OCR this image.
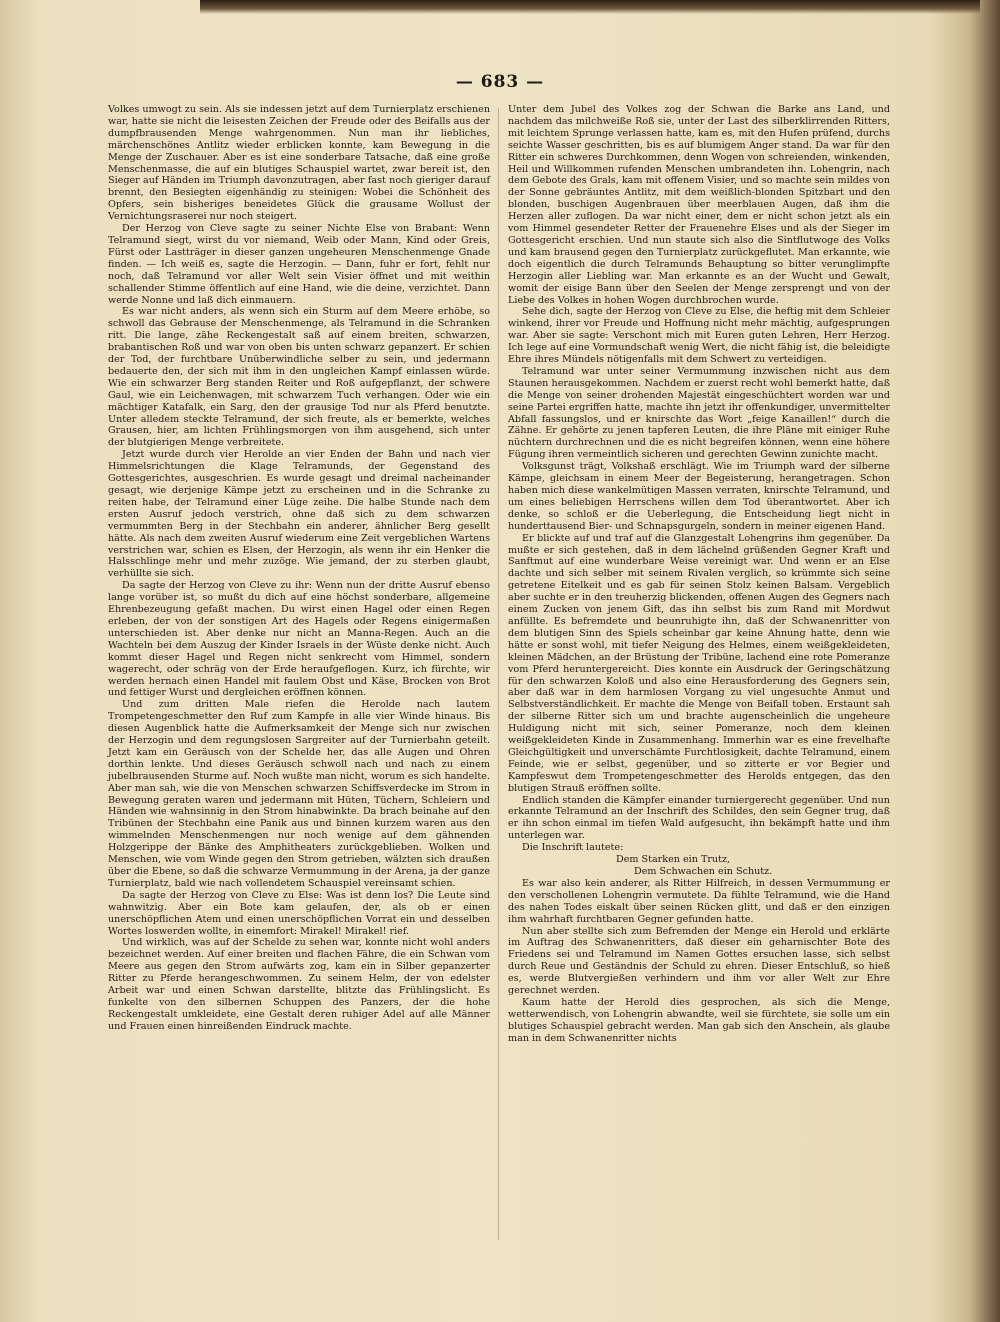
— 683 —

Volkes umwogt zu sein. Als sie indessen jetzt auf dem Turnierplatz erschienen war, hatte sie nicht die leisesten Zeichen der Freude oder des Beifalls aus der dumpfbrausenden Menge wahrgenommen. Nun man ihr liebliches, märchenschönes Antlitz wieder erblicken konnte, kam Bewegung in die Menge der Zuschauer. Aber es ist eine sonderbare Tatsache, daß eine große Menschenmasse, die auf ein blutiges Schauspiel wartet, zwar bereit ist, den Sieger auf Händen im Triumph davonzutragen, aber fast noch gieriger darauf brennt, den Besiegten eigenhändig zu steinigen: Wobei die Schönheit des Opfers, sein bisheriges beneidetes Glück die grausame Wollust der Vernichtungsraserei nur noch steigert.

Der Herzog von Cleve sagte zu seiner Nichte Else von Brabant: Wenn Telramund siegt, wirst du vor niemand, Weib oder Mann, Kind oder Greis, Fürst oder Lastträger in dieser ganzen ungeheuren Menschenmenge Gnade finden. — Ich weiß es, sagte die Herzogin. — Dann, fuhr er fort, fehlt nur noch, daß Telramund vor aller Welt sein Visier öffnet und mit weithin schallender Stimme öffentlich auf eine Hand, wie die deine, verzichtet. Dann werde Nonne und laß dich einmauern.

Es war nicht anders, als wenn sich ein Sturm auf dem Meere erhöbe, so schwoll das Gebrause der Menschenmenge, als Telramund in die Schranken ritt. Die lange, zähe Reckengestalt saß auf einem breiten, schwarzen, brabantischen Roß und war von oben bis unten schwarz gepanzert. Er schien der Tod, der furchtbare Unüberwindliche selber zu sein, und jedermann bedauerte den, der sich mit ihm in den ungleichen Kampf einlassen würde. Wie ein schwarzer Berg standen Reiter und Roß aufgepflanzt, der schwere Gaul, wie ein Leichenwagen, mit schwarzem Tuch verhangen. Oder wie ein mächtiger Katafalk, ein Sarg, den der grausige Tod nur als Pferd benutzte. Unter alledem steckte Telramund, der sich freute, als er bemerkte, welches Grausen, hier, am lichten Frühlingsmorgen von ihm ausgehend, sich unter der blutgierigen Menge verbreitete.

Jetzt wurde durch vier Herolde an vier Enden der Bahn und nach vier Himmelsrichtungen die Klage Telramunds, der Gegenstand des Gottesgerichtes, ausgeschrien. Es wurde gesagt und dreimal nacheinander gesagt, wie derjenige Kämpe jetzt zu erscheinen und in die Schranke zu reiten habe, der Telramund einer Lüge zeihe. Die halbe Stunde nach dem ersten Ausruf jedoch verstrich, ohne daß sich zu dem schwarzen vermummten Berg in der Stechbahn ein anderer, ähnlicher Berg gesellt hätte. Als nach dem zweiten Ausruf wiederum eine Zeit vergeblichen Wartens verstrichen war, schien es Elsen, der Herzogin, als wenn ihr ein Henker die Halsschlinge mehr und mehr zuzöge. Wie jemand, der zu sterben glaubt, verhüllte sie sich.

Da sagte der Herzog von Cleve zu ihr: Wenn nun der dritte Ausruf ebenso lange vorüber ist, so mußt du dich auf eine höchst sonderbare, allgemeine Ehrenbezeugung gefaßt machen. Du wirst einen Hagel oder einen Regen erleben, der von der sonstigen Art des Hagels oder Regens einigermaßen unterschieden ist. Aber denke nur nicht an Manna-Regen. Auch an die Wachteln bei dem Auszug der Kinder Israels in der Wüste denke nicht. Auch kommt dieser Hagel und Regen nicht senkrecht vom Himmel, sondern wagerecht, oder schräg von der Erde heraufgeflogen. Kurz, ich fürchte, wir werden hernach einen Handel mit faulem Obst und Käse, Brocken von Brot und fettiger Wurst und dergleichen eröffnen können.

Und zum dritten Male riefen die Herolde nach lautem Trompetengeschmetter den Ruf zum Kampfe in alle vier Winde hinaus. Bis diesen Augenblick hatte die Aufmerksamkeit der Menge sich nur zwischen der Herzogin und dem regungslosen Sargreiter auf der Turnierbahn geteilt. Jetzt kam ein Geräusch von der Schelde her, das alle Augen und Ohren dorthin lenkte. Und dieses Geräusch schwoll nach und nach zu einem jubelbrausenden Sturme auf. Noch wußte man nicht, worum es sich handelte. Aber man sah, wie die von Menschen schwarzen Schiffsverdecke im Strom in Bewegung geraten waren und jedermann mit Hüten, Tüchern, Schleiern und Händen wie wahnsinnig in den Strom hinabwinkte. Da brach beinahe auf den Tribünen der Stechbahn eine Panik aus und binnen kurzem waren aus den wimmelnden Menschenmengen nur noch wenige auf dem gähnenden Holzgerippe der Bänke des Amphitheaters zurückgeblieben. Wolken und Menschen, wie vom Winde gegen den Strom getrieben, wälzten sich draußen über die Ebene, so daß die schwarze Vermummung in der Arena, ja der ganze Turnierplatz, bald wie nach vollendetem Schauspiel vereinsamt schien.

Da sagte der Herzog von Cleve zu Else: Was ist denn los? Die Leute sind wahnwitzig. Aber ein Bote kam gelaufen, der, als ob er einen unerschöpflichen Atem und einen unerschöpflichen Vorrat ein und desselben Wortes loswerden wollte, in einemfort: Mirakel! Mirakel! rief.

Und wirklich, was auf der Schelde zu sehen war, konnte nicht wohl anders bezeichnet werden. Auf einer breiten und flachen Fähre, die ein Schwan vom Meere aus gegen den Strom aufwärts zog, kam ein in Silber gepanzerter Ritter zu Pferde herangeschwommen. Zu seinem Helm, der von edelster Arbeit war und einen Schwan darstellte, blitzte das Frühlingslicht. Es funkelte von den silbernen Schuppen des Panzers, der die hohe Reckengestalt umkleidete, eine Gestalt deren ruhiger Adel auf alle Männer und Frauen einen hinreißenden Eindruck machte.

Unter dem Jubel des Volkes zog der Schwan die Barke ans Land, und nachdem das milchweiße Roß sie, unter der Last des silberklirrenden Ritters, mit leichtem Sprunge verlassen hatte, kam es, mit den Hufen prüfend, durchs seichte Wasser geschritten, bis es auf blumigem Anger stand. Da war für den Ritter ein schweres Durchkommen, denn Wogen von schreienden, winkenden, Heil und Willkommen rufenden Menschen umbrandeten ihn. Lohengrin, nach dem Gebote des Grals, kam mit offenem Visier, und so machte sein mildes von der Sonne gebräuntes Antlitz, mit dem weißlich-blonden Spitzbart und den blonden, buschigen Augenbrauen über meerblauen Augen, daß ihm die Herzen aller zuflogen. Da war nicht einer, dem er nicht schon jetzt als ein vom Himmel gesendeter Retter der Frauenehre Elses und als der Sieger im Gottesgericht erschien. Und nun staute sich also die Sintflutwoge des Volks und kam brausend gegen den Turnierplatz zurückgeflutet. Man erkannte, wie doch eigentlich die durch Telramunds Behauptung so bitter verunglimpfte Herzogin aller Liebling war. Man erkannte es an der Wucht und Gewalt, womit der eisige Bann über den Seelen der Menge zersprengt und von der Liebe des Volkes in hohen Wogen durchbrochen wurde.

Sehe dich, sagte der Herzog von Cleve zu Else, die heftig mit dem Schleier winkend, ihrer vor Freude und Hoffnung nicht mehr mächtig, aufgesprungen war. Aber sie sagte: Verschont mich mit Euren guten Lehren, Herr Herzog. Ich lege auf eine Vormundschaft wenig Wert, die nicht fähig ist, die beleidigte Ehre ihres Mündels nötigenfalls mit dem Schwert zu verteidigen.

Telramund war unter seiner Vermummung inzwischen nicht aus dem Staunen herausgekommen. Nachdem er zuerst recht wohl bemerkt hatte, daß die Menge von seiner drohenden Majestät eingeschüchtert worden war und seine Partei ergriffen hatte, machte ihn jetzt ihr offenkundiger, unvermittelter Abfall fassungslos, und er knirschte das Wort „feige Kanaillen!“ durch die Zähne. Er gehörte zu jenen tapferen Leuten, die ihre Pläne mit einiger Ruhe nüchtern durchrechnen und die es nicht begreifen können, wenn eine höhere Fügung ihren vermeintlich sicheren und gerechten Gewinn zunichte macht.

Volksgunst trägt, Volkshaß erschlägt. Wie im Triumph ward der silberne Kämpe, gleichsam in einem Meer der Begeisterung, herangetragen. Schon haben mich diese wankelmütigen Massen verraten, knirschte Telramund, und um eines beliebigen Herrschens willen dem Tod überantwortet. Aber ich denke, so schloß er die Ueberlegung, die Entscheidung liegt nicht in hunderttausend Bier- und Schnapsgurgeln, sondern in meiner eigenen Hand.

Er blickte auf und traf auf die Glanzgestalt Lohengrins ihm gegenüber. Da mußte er sich gestehen, daß in dem lächelnd grüßenden Gegner Kraft und Sanftmut auf eine wunderbare Weise vereinigt war. Und wenn er an Else dachte und sich selber mit seinem Rivalen verglich, so krümmte sich seine getretene Eitelkeit und es gab für seinen Stolz keinen Balsam. Vergeblich aber suchte er in den treuherzig blickenden, offenen Augen des Gegners nach einem Zucken von jenem Gift, das ihn selbst bis zum Rand mit Mordwut anfüllte. Es befremdete und beunruhigte ihn, daß der Schwanenritter von dem blutigen Sinn des Spiels scheinbar gar keine Ahnung hatte, denn wie hätte er sonst wohl, mit tiefer Neigung des Helmes, einem weißgekleideten, kleinen Mädchen, an der Brüstung der Tribüne, lachend eine rote Pomeranze vom Pferd heruntergereicht. Dies konnte ein Ausdruck der Geringschätzung für den schwarzen Koloß und also eine Herausforderung des Gegners sein, aber daß war in dem harmlosen Vorgang zu viel ungesuchte Anmut und Selbstverständlichkeit. Er machte die Menge von Beifall toben. Erstaunt sah der silberne Ritter sich um und brachte augenscheinlich die ungeheure Huldigung nicht mit sich, seiner Pomeranze, noch dem kleinen weißgekleideten Kinde in Zusammenhang. Immerhin war es eine frevelhafte Gleichgültigkeit und unverschämte Furchtlosigkeit, dachte Telramund, einem Feinde, wie er selbst, gegenüber, und so zitterte er vor Begier und Kampfeswut dem Trompetengeschmetter des Herolds entgegen, das den blutigen Strauß eröffnen sollte.

Endlich standen die Kämpfer einander turniergerecht gegenüber. Und nun erkannte Telramund an der Inschrift des Schildes, den sein Gegner trug, daß er ihn schon einmal im tiefen Wald aufgesucht, ihn bekämpft hatte und ihm unterlegen war.

Die Inschrift lautete:

Dem Starken ein Trutz,
Dem Schwachen ein Schutz.

Es war also kein anderer, als Ritter Hilfreich, in dessen Vermummung er den verschollenen Lohengrin vermutete. Da fühlte Telramund, wie die Hand des nahen Todes eiskalt über seinen Rücken glitt, und daß er den einzigen ihm wahrhaft furchtbaren Gegner gefunden hatte.

Nun aber stellte sich zum Befremden der Menge ein Herold und erklärte im Auftrag des Schwanenritters, daß dieser ein geharnischter Bote des Friedens sei und Telramund im Namen Gottes ersuchen lasse, sich selbst durch Reue und Geständnis der Schuld zu ehren. Dieser Entschluß, so hieß es, werde Blutvergießen verhindern und ihm vor aller Welt zur Ehre gerechnet werden.

Kaum hatte der Herold dies gesprochen, als sich die Menge, wetterwendisch, von Lohengrin abwandte, weil sie fürchtete, sie solle um ein blutiges Schauspiel gebracht werden. Man gab sich den Anschein, als glaube man in dem Schwanenritter nichts
